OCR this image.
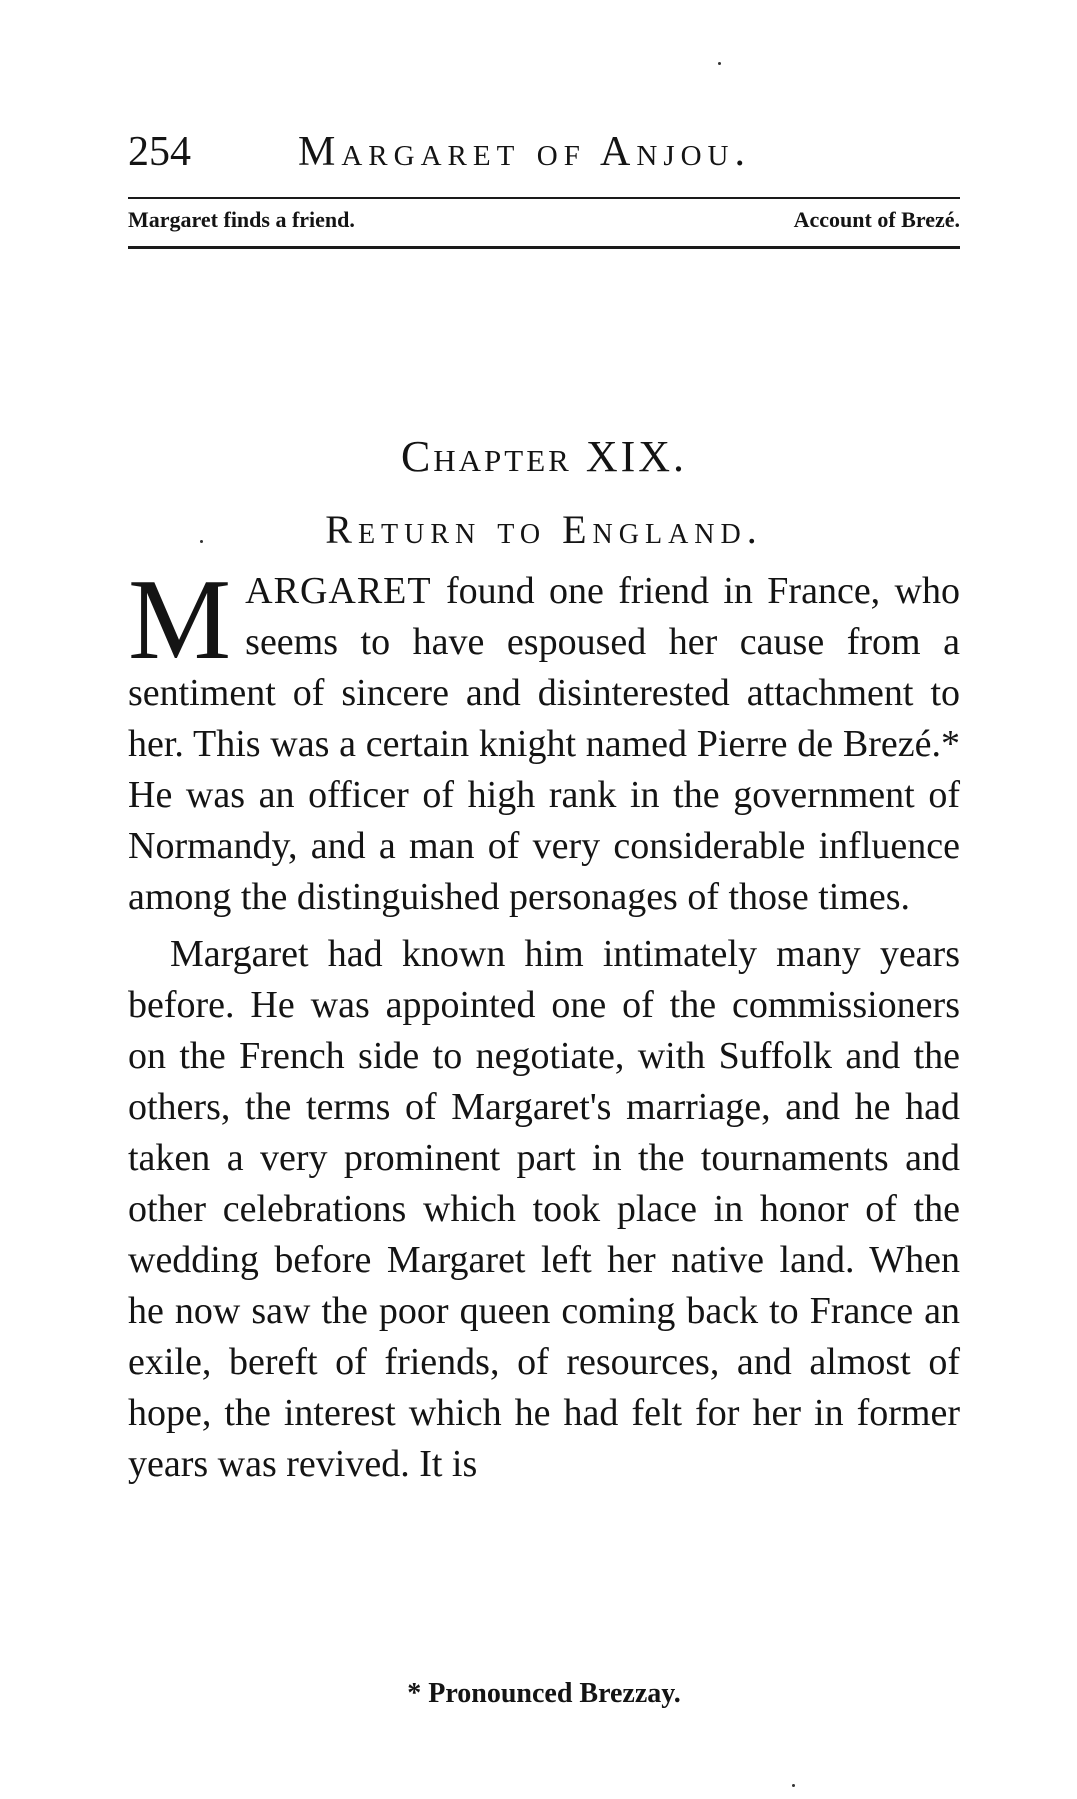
254	Margaret of Anjou.
Margaret finds a friend.	Account of Brezé.
Chapter XIX.
Return to England.

MARGARET found one friend in France, who seems to have espoused her cause from a sentiment of sincere and disinterested attachment to her. This was a certain knight named Pierre de Brezé.* He was an officer of high rank in the government of Normandy, and a man of very considerable influence among the distinguished personages of those times.

Margaret had known him intimately many years before. He was appointed one of the commissioners on the French side to negotiate, with Suffolk and the others, the terms of Margaret's marriage, and he had taken a very prominent part in the tournaments and other celebrations which took place in honor of the wedding before Margaret left her native land. When he now saw the poor queen coming back to France an exile, bereft of friends, of resources, and almost of hope, the interest which he had felt for her in former years was revived. It is

* Pronounced Brezzay.
